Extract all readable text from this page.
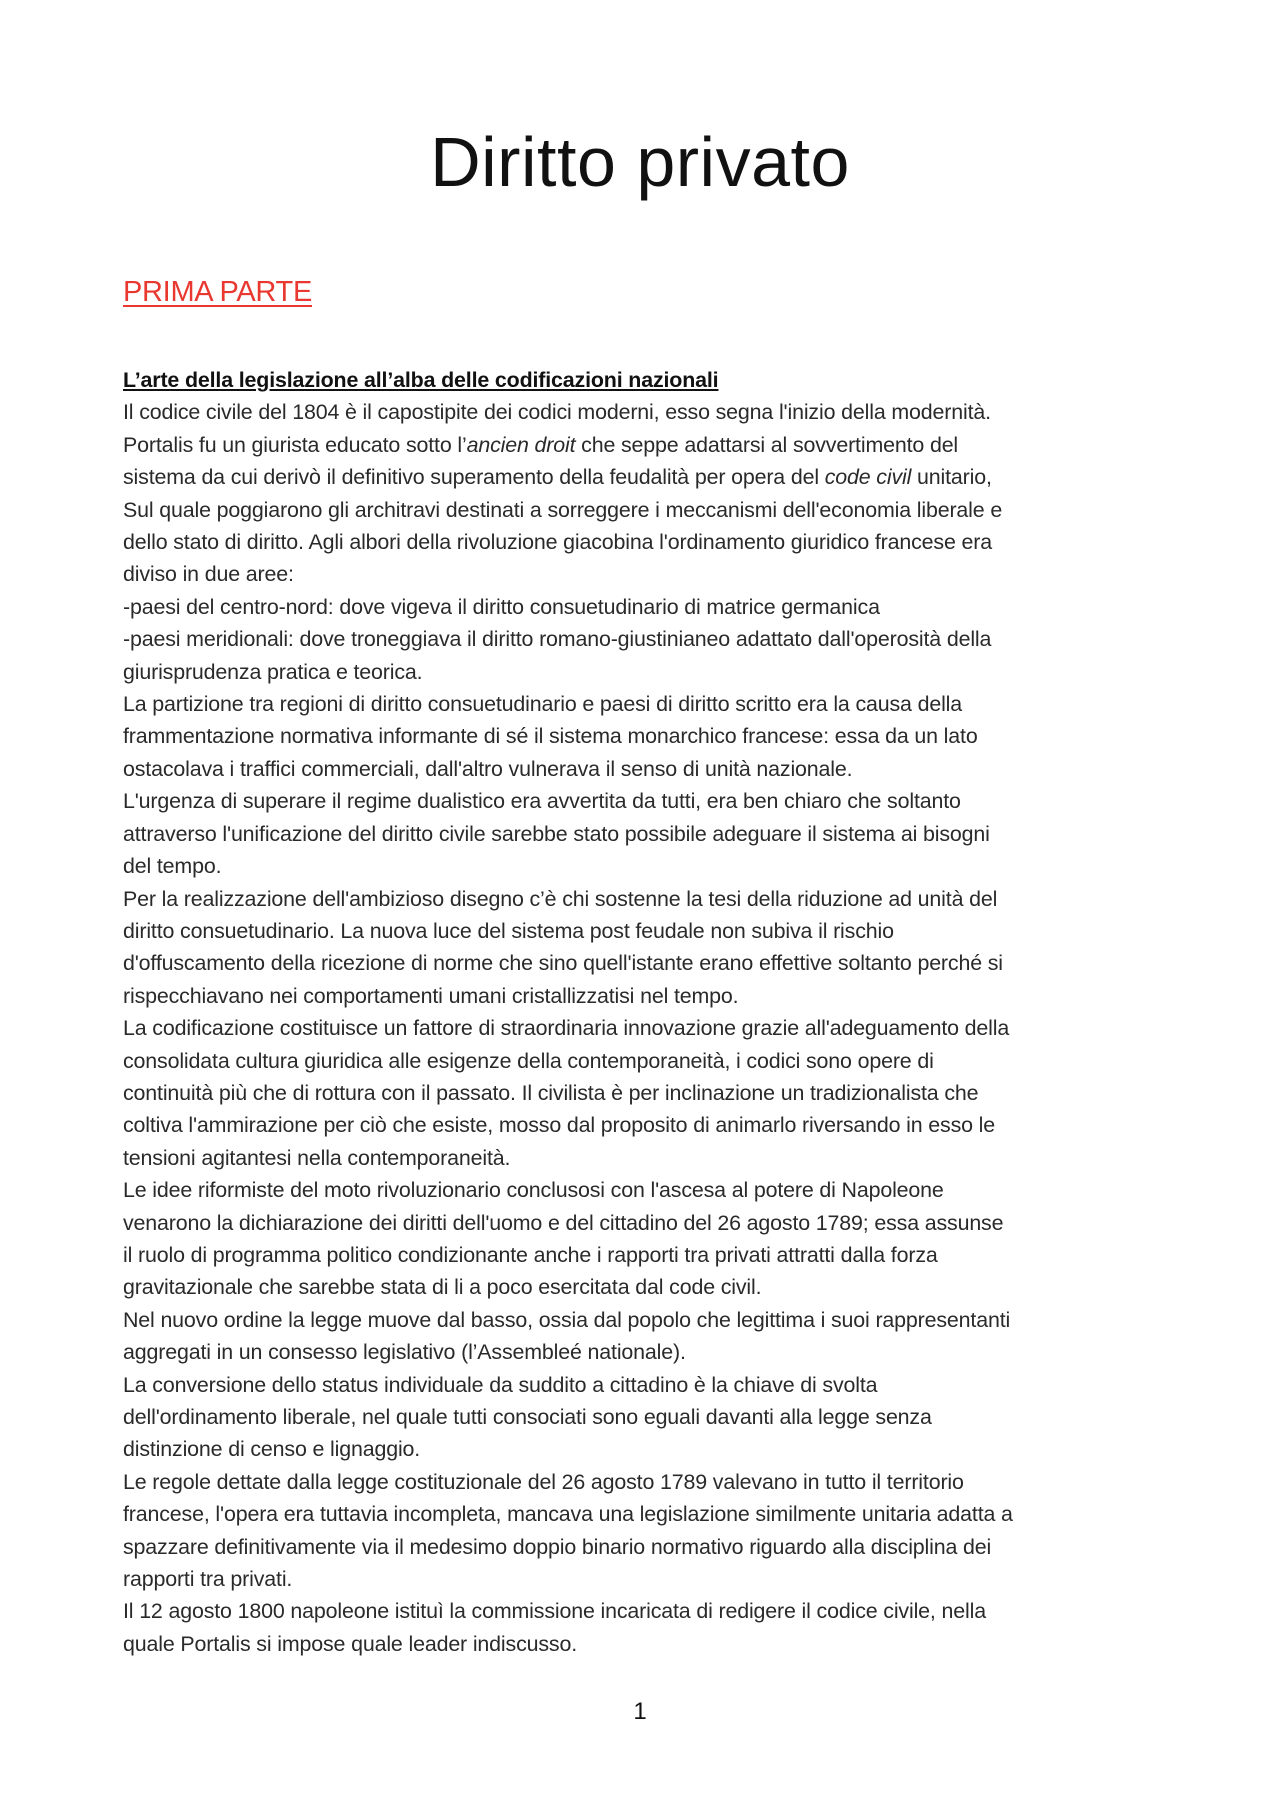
Diritto privato
PRIMA PARTE
L’arte della legislazione all’alba delle codificazioni nazionali
Il codice civile del 1804 è il capostipite dei codici moderni, esso segna l'inizio della modernità.
Portalis fu un giurista educato sotto l’ancien droit che seppe adattarsi al sovvertimento del
sistema da cui derivò il definitivo superamento della feudalità per opera del code civil unitario,
Sul quale poggiarono gli architravi destinati a sorreggere i meccanismi dell'economia liberale e
dello stato di diritto. Agli albori della rivoluzione giacobina l'ordinamento giuridico francese era
diviso in due aree:
-paesi del centro-nord: dove vigeva il diritto consuetudinario di matrice germanica
-paesi meridionali: dove troneggiava il diritto romano-giustinianeo adattato dall'operosità della
giurisprudenza pratica e teorica.
La partizione tra regioni di diritto consuetudinario e paesi di diritto scritto era la causa della
frammentazione normativa informante di sé il sistema monarchico francese: essa da un lato
ostacolava i traffici commerciali, dall'altro vulnerava il senso di unità nazionale.
L'urgenza di superare il regime dualistico era avvertita da tutti, era ben chiaro che soltanto
attraverso l'unificazione del diritto civile sarebbe stato possibile adeguare il sistema ai bisogni
del tempo.
Per la realizzazione dell'ambizioso disegno c’è chi sostenne la tesi della riduzione ad unità del
diritto consuetudinario. La nuova luce del sistema post feudale non subiva il rischio
d'offuscamento della ricezione di norme che sino quell'istante erano effettive soltanto perché si
rispecchiavano nei comportamenti umani cristallizzatisi nel tempo.
La codificazione costituisce un fattore di straordinaria innovazione grazie all'adeguamento della
consolidata cultura giuridica alle esigenze della contemporaneità, i codici sono opere di
continuità più che di rottura con il passato. Il civilista è per inclinazione un tradizionalista che
coltiva l'ammirazione per ciò che esiste, mosso dal proposito di animarlo riversando in esso le
tensioni agitantesi nella contemporaneità.
Le idee riformiste del moto rivoluzionario conclusosi con l'ascesa al potere di Napoleone
venarono la dichiarazione dei diritti dell'uomo e del cittadino del 26 agosto 1789; essa assunse
il ruolo di programma politico condizionante anche i rapporti tra privati attratti dalla forza
gravitazionale che sarebbe stata di li a poco esercitata dal code civil.
Nel nuovo ordine la legge muove dal basso, ossia dal popolo che legittima i suoi rappresentanti
aggregati in un consesso legislativo (l’Assembleé nationale).
La conversione dello status individuale da suddito a cittadino è la chiave di svolta
dell'ordinamento liberale, nel quale tutti consociati sono eguali davanti alla legge senza
distinzione di censo e lignaggio.
Le regole dettate dalla legge costituzionale del 26 agosto 1789 valevano in tutto il territorio
francese, l'opera era tuttavia incompleta, mancava una legislazione similmente unitaria adatta a
spazzare definitivamente via il medesimo doppio binario normativo riguardo alla disciplina dei
rapporti tra privati.
Il 12 agosto 1800 napoleone istituì la commissione incaricata di redigere il codice civile, nella
quale Portalis si impose quale leader indiscusso.
1
